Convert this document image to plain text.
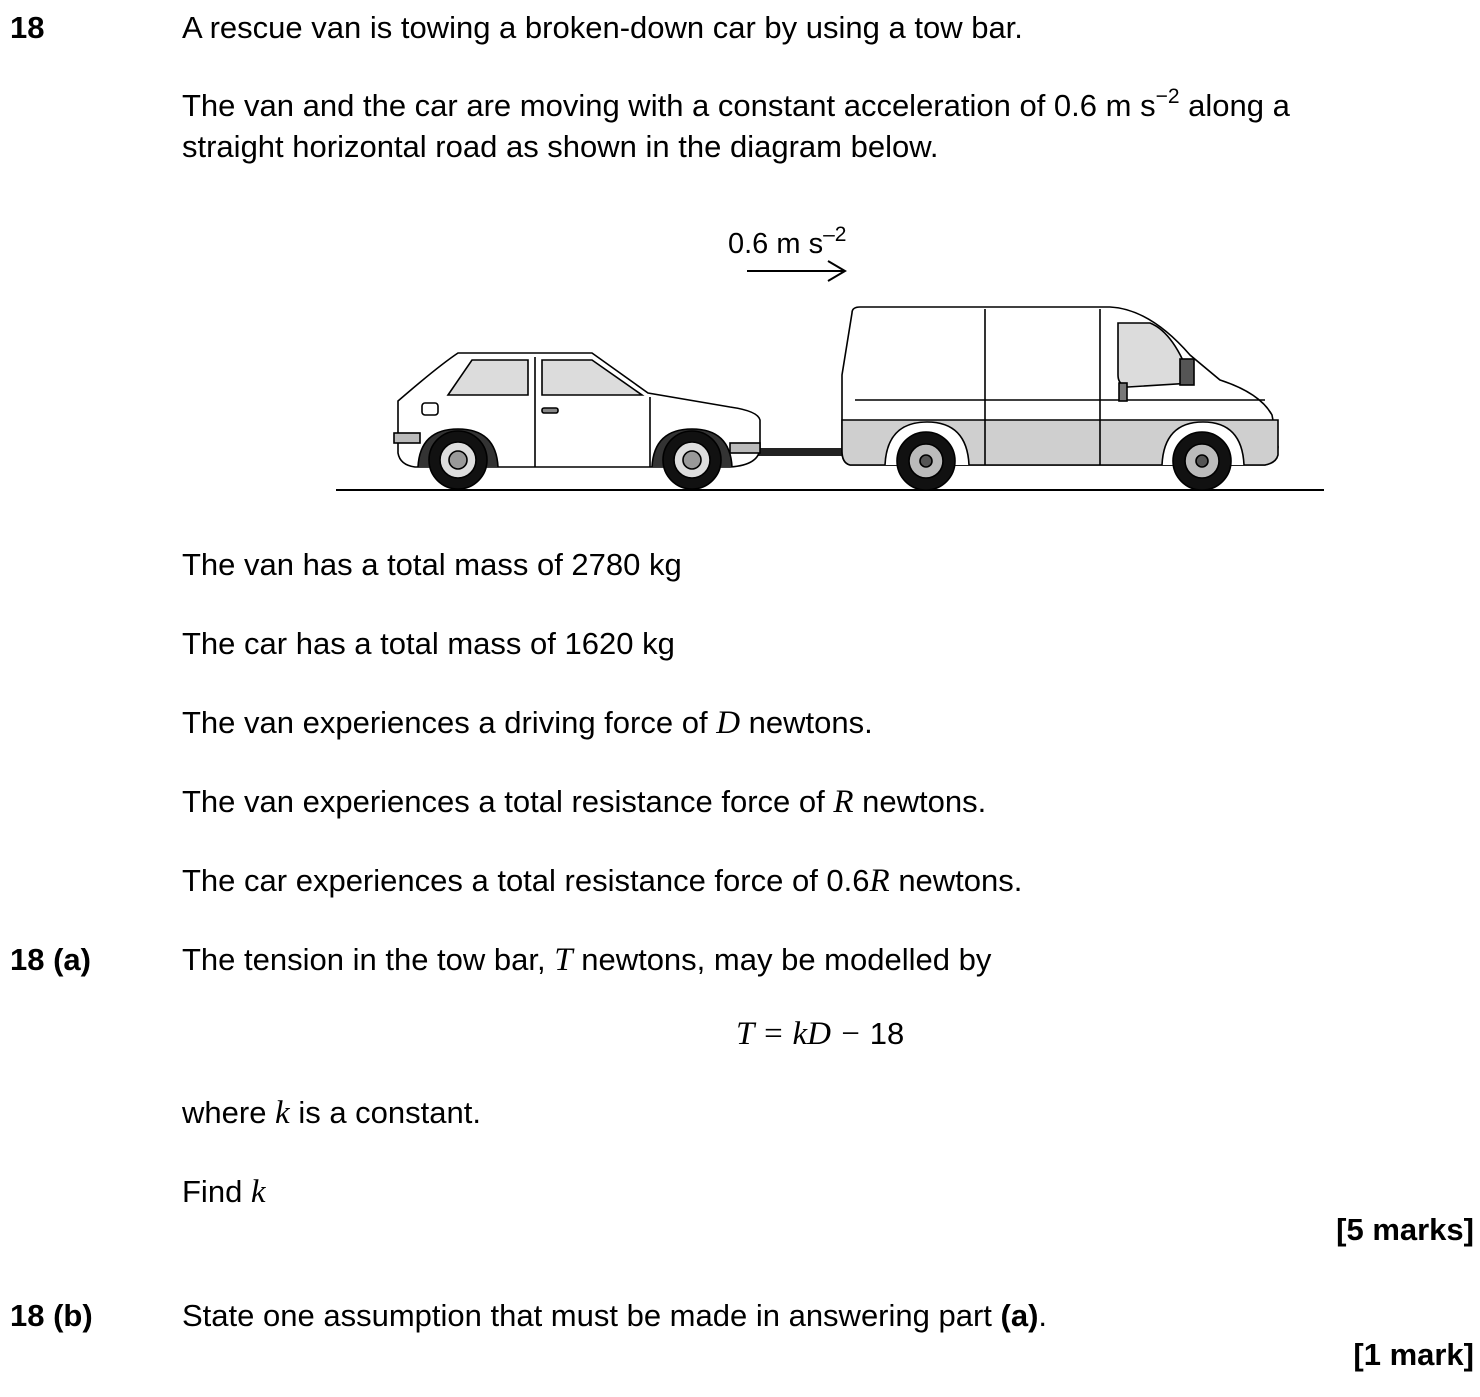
18	A rescue van is towing a broken-down car by using a tow bar.
The van and the car are moving with a constant acceleration of 0.6 m $s^{-2}$ along a
straight horizontal road as shown in the diagram below.
0.6 m $s^{-2}$
The van has a total mass of 2780 kg
The car has a total mass of 1620 kg
The van experiences a driving force of D newtons.
The van experiences a total resistance force of R newtons.
The car experiences a total resistance force of 0.6R newtons.
18 (a)	The tension in the tow bar, T newtons, may be modelled by
T = kD − 18
where k is a constant.
Find k
[5 marks]
18 (b)	State one assumption that must be made in answering part (a).
[1 mark]
